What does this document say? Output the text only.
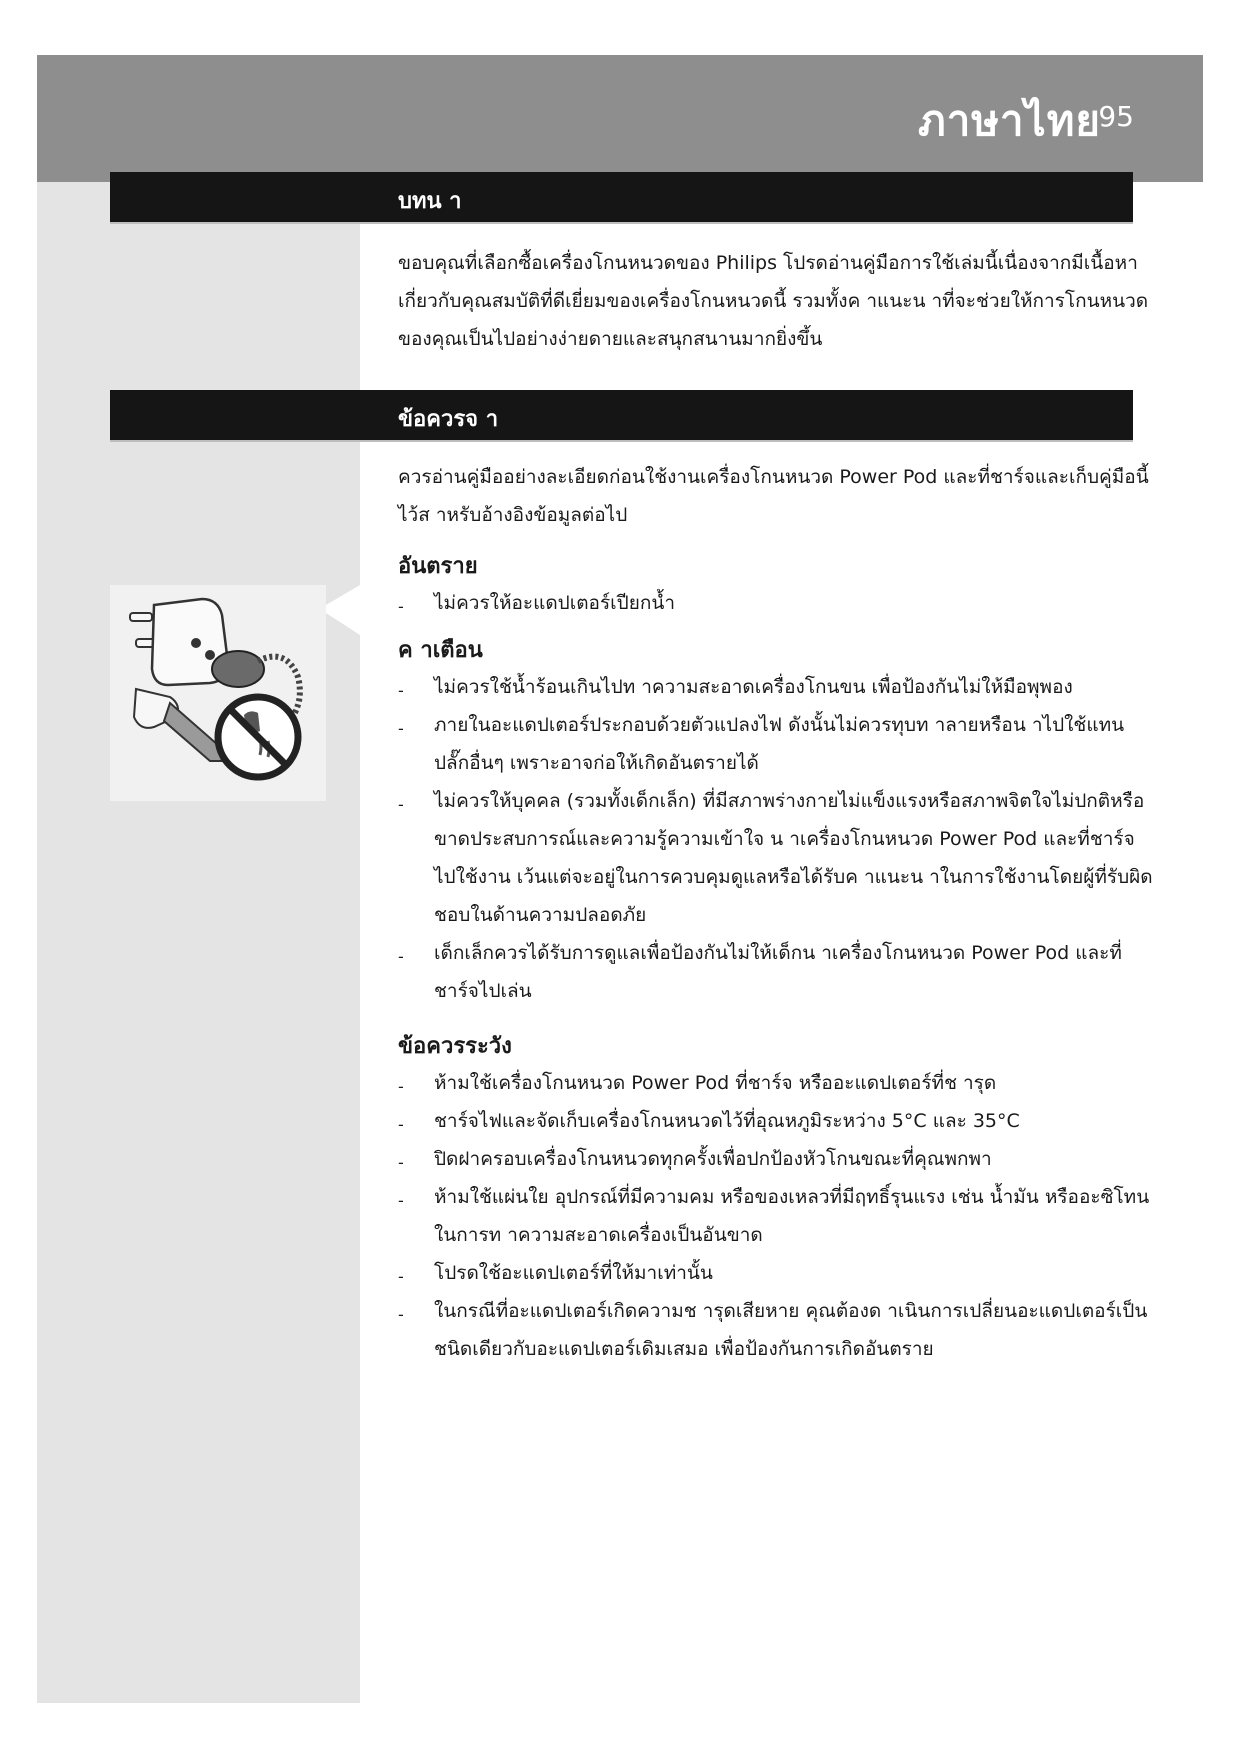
ภาษาไทย
95
บทน า

ขอบคุณที่เลือกซื้อเครื่องโกนหนวดของ Philips โปรดอ่านคู่มือการใช้เล่มนี้เนื่องจากมีเนื้อหาเกี่ยวกับคุณสมบัติที่ดีเยี่ยมของเครื่องโกนหนวดนี้ รวมทั้งค าแนะน าที่จะช่วยให้การโกนหนวดของคุณเป็นไปอย่างง่ายดายและสนุกสนานมากยิ่งขึ้น

ข้อควรจ า

ควรอ่านคู่มืออย่างละเอียดก่อนใช้งานเครื่องโกนหนวด Power Pod และที่ชาร์จและเก็บคู่มือนี้ไว้ส าหรับอ้างอิงข้อมูลต่อไป

อันตราย

- ไม่ควรให้อะแดปเตอร์เปียกน้ำ

ค าเตือน

- ไม่ควรใช้น้ำร้อนเกินไปท าความสะอาดเครื่องโกนขน เพื่อป้องกันไม่ให้มือพุพอง
- ภายในอะแดปเตอร์ประกอบด้วยตัวแปลงไฟ ดังนั้นไม่ควรทุบท าลายหรือน าไปใช้แทนปลั๊กอื่นๆ เพราะอาจก่อให้เกิดอันตรายได้
- ไม่ควรให้บุคคล (รวมทั้งเด็กเล็ก) ที่มีสภาพร่างกายไม่แข็งแรงหรือสภาพจิตใจไม่ปกติหรือขาดประสบการณ์และความรู้ความเข้าใจ น าเครื่องโกนหนวด Power Pod และที่ชาร์จ ไปใช้งาน เว้นแต่จะอยู่ในการควบคุมดูแลหรือได้รับค าแนะน าในการใช้งานโดยผู้ที่รับผิดชอบในด้านความปลอดภัย
- เด็กเล็กควรได้รับการดูแลเพื่อป้องกันไม่ให้เด็กน าเครื่องโกนหนวด Power Pod และที่ชาร์จไปเล่น

ข้อควรระวัง

- ห้ามใช้เครื่องโกนหนวด Power Pod ที่ชาร์จ หรืออะแดปเตอร์ที่ช ารุด
- ชาร์จไฟและจัดเก็บเครื่องโกนหนวดไว้ที่อุณหภูมิระหว่าง 5°C และ 35°C
- ปิดฝาครอบเครื่องโกนหนวดทุกครั้งเพื่อปกป้องหัวโกนขณะที่คุณพกพา
- ห้ามใช้แผ่นใย อุปกรณ์ที่มีความคม หรือของเหลวที่มีฤทธิ์รุนแรง เช่น น้ำมัน หรืออะซิโทนในการท าความสะอาดเครื่องเป็นอันขาด
- โปรดใช้อะแดปเตอร์ที่ให้มาเท่านั้น
- ในกรณีที่อะแดปเตอร์เกิดความช ารุดเสียหาย คุณต้องด าเนินการเปลี่ยนอะแดปเตอร์เป็นชนิดเดียวกับอะแดปเตอร์เดิมเสมอ เพื่อป้องกันการเกิดอันตราย
